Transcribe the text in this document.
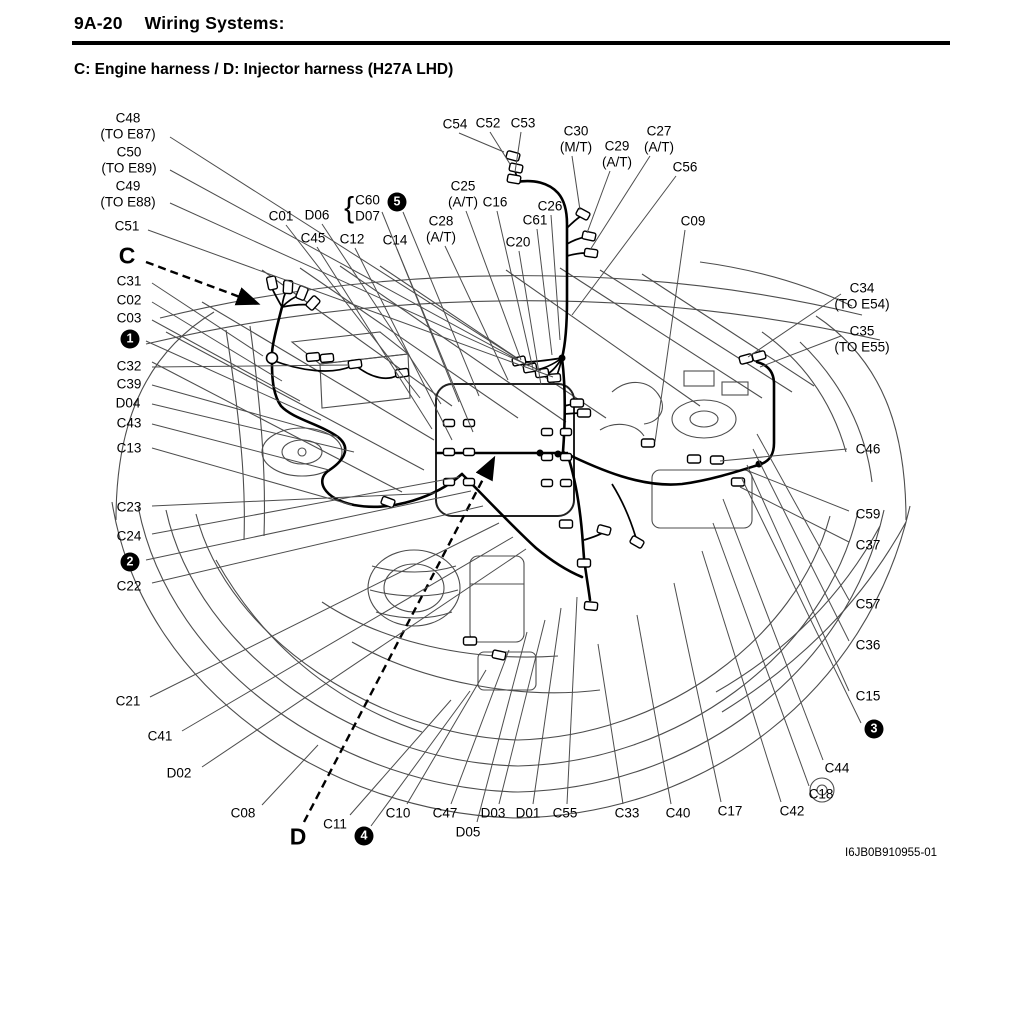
9A-20 Wiring Systems:
C: Engine harness / D: Injector harness (H27A LHD)
C48
(TO E87)
C50
(TO E89)
C49
(TO E88)
C51
C31
C02
C03
C32
C39
D04
C43
C13
C23
C24
C22
C21
C41
D02
C08
C11
C10 C47
D05
D03 D01 C55	C33 C40 C17	C42
C18
C44
C15
C36
C57
C37
C59
C46
C35
(TO E55)
C34
(TO E54)
C54 C52 C53
C30
(M/T) C29
(A/T)
C27
(A/T)
C56
C09
C25
(A/T) C16 C26
C61
C28
(A/T)	C20
C01 D06 { C60
D07
C45 C12 C14
1
2
3
4
5
C
D
I6JB0B910955-01
